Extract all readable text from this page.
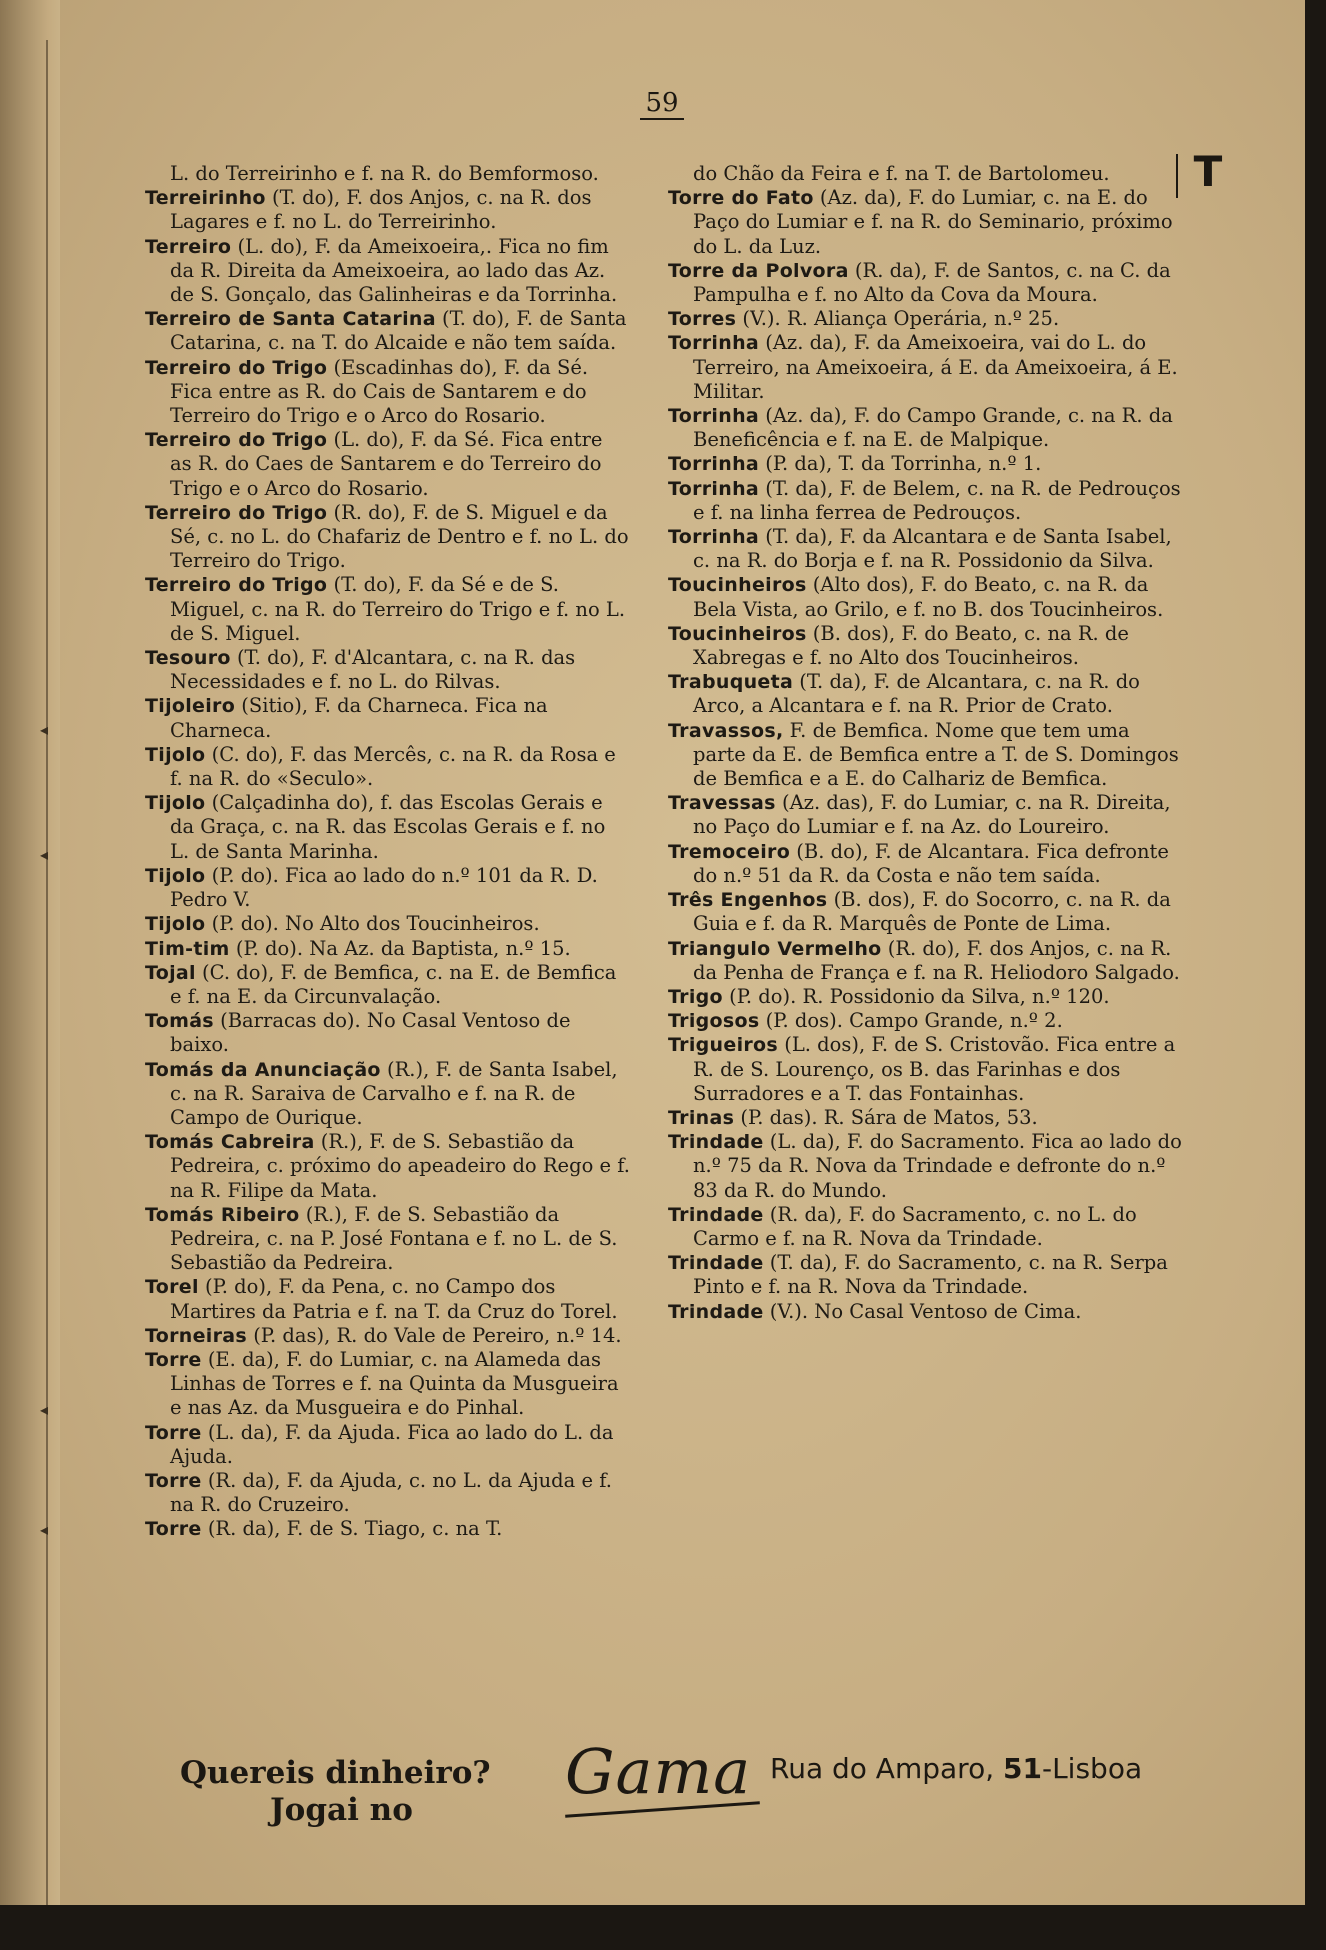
59
T
L. do Terreirinho e f. na R. do Bemformoso.
Terreirinho (T. do), F. dos Anjos, c. na R. dos Lagares e f. no L. do Terreirinho.
Terreiro (L. do), F. da Ameixoeira,. Fica no fim da R. Direita da Ameixoeira, ao lado das Az. de S. Gonçalo, das Galinheiras e da Torrinha.
Terreiro de Santa Catarina (T. do), F. de Santa Catarina, c. na T. do Alcaide e não tem saída.
Terreiro do Trigo (Escadinhas do), F. da Sé. Fica entre as R. do Cais de Santarem e do Terreiro do Trigo e o Arco do Rosario.
Terreiro do Trigo (L. do), F. da Sé. Fica entre as R. do Caes de Santarem e do Terreiro do Trigo e o Arco do Rosario.
Terreiro do Trigo (R. do), F. de S. Miguel e da Sé, c. no L. do Chafariz de Dentro e f. no L. do Terreiro do Trigo.
Terreiro do Trigo (T. do), F. da Sé e de S. Miguel, c. na R. do Terreiro do Trigo e f. no L. de S. Miguel.
Tesouro (T. do), F. d'Alcantara, c. na R. das Necessidades e f. no L. do Rilvas.
Tijoleiro (Sitio), F. da Charneca. Fica na Charneca.
Tijolo (C. do), F. das Mercês, c. na R. da Rosa e f. na R. do «Seculo».
Tijolo (Calçadinha do), f. das Escolas Gerais e da Graça, c. na R. das Escolas Gerais e f. no L. de Santa Marinha.
Tijolo (P. do). Fica ao lado do n.º 101 da R. D. Pedro V.
Tijolo (P. do). No Alto dos Toucinheiros.
Tim-tim (P. do). Na Az. da Baptista, n.º 15.
Tojal (C. do), F. de Bemfica, c. na E. de Bemfica e f. na E. da Circunvalação.
Tomás (Barracas do). No Casal Ventoso de baixo.
Tomás da Anunciação (R.), F. de Santa Isabel, c. na R. Saraiva de Carvalho e f. na R. de Campo de Ourique.
Tomás Cabreira (R.), F. de S. Sebastião da Pedreira, c. próximo do apeadeiro do Rego e f. na R. Filipe da Mata.
Tomás Ribeiro (R.), F. de S. Sebastião da Pedreira, c. na P. José Fontana e f. no L. de S. Sebastião da Pedreira.
Torel (P. do), F. da Pena, c. no Campo dos Martires da Patria e f. na T. da Cruz do Torel.
Torneiras (P. das), R. do Vale de Pereiro, n.º 14.
Torre (E. da), F. do Lumiar, c. na Alameda das Linhas de Torres e f. na Quinta da Musgueira e nas Az. da Musgueira e do Pinhal.
Torre (L. da), F. da Ajuda. Fica ao lado do L. da Ajuda.
Torre (R. da), F. da Ajuda, c. no L. da Ajuda e f. na R. do Cruzeiro.
Torre (R. da), F. de S. Tiago, c. na T.
do Chão da Feira e f. na T. de Bartolomeu.
Torre do Fato (Az. da), F. do Lumiar, c. na E. do Paço do Lumiar e f. na R. do Seminario, próximo do L. da Luz.
Torre da Polvora (R. da), F. de Santos, c. na C. da Pampulha e f. no Alto da Cova da Moura.
Torres (V.). R. Aliança Operária, n.º 25.
Torrinha (Az. da), F. da Ameixoeira, vai do L. do Terreiro, na Ameixoeira, á E. da Ameixoeira, á E. Militar.
Torrinha (Az. da), F. do Campo Grande, c. na R. da Beneficência e f. na E. de Malpique.
Torrinha (P. da), T. da Torrinha, n.º 1.
Torrinha (T. da), F. de Belem, c. na R. de Pedrouços e f. na linha ferrea de Pedrouços.
Torrinha (T. da), F. da Alcantara e de Santa Isabel, c. na R. do Borja e f. na R. Possidonio da Silva.
Toucinheiros (Alto dos), F. do Beato, c. na R. da Bela Vista, ao Grilo, e f. no B. dos Toucinheiros.
Toucinheiros (B. dos), F. do Beato, c. na R. de Xabregas e f. no Alto dos Toucinheiros.
Trabuqueta (T. da), F. de Alcantara, c. na R. do Arco, a Alcantara e f. na R. Prior de Crato.
Travassos, F. de Bemfica. Nome que tem uma parte da E. de Bemfica entre a T. de S. Domingos de Bemfica e a E. do Calhariz de Bemfica.
Travessas (Az. das), F. do Lumiar, c. na R. Direita, no Paço do Lumiar e f. na Az. do Loureiro.
Tremoceiro (B. do), F. de Alcantara. Fica defronte do n.º 51 da R. da Costa e não tem saída.
Três Engenhos (B. dos), F. do Socorro, c. na R. da Guia e f. da R. Marquês de Ponte de Lima.
Triangulo Vermelho (R. do), F. dos Anjos, c. na R. da Penha de França e f. na R. Heliodoro Salgado.
Trigo (P. do). R. Possidonio da Silva, n.º 120.
Trigosos (P. dos). Campo Grande, n.º 2.
Trigueiros (L. dos), F. de S. Cristovão. Fica entre a R. de S. Lourenço, os B. das Farinhas e dos Surradores e a T. das Fontainhas.
Trinas (P. das). R. Sára de Matos, 53.
Trindade (L. da), F. do Sacramento. Fica ao lado do n.º 75 da R. Nova da Trindade e defronte do n.º 83 da R. do Mundo.
Trindade (R. da), F. do Sacramento, c. no L. do Carmo e f. na R. Nova da Trindade.
Trindade (T. da), F. do Sacramento, c. na R. Serpa Pinto e f. na R. Nova da Trindade.
Trindade (V.). No Casal Ventoso de Cima.
◂
◂
◂
◂
Quereis dinheiro?
Jogai no
Gama Rua do Amparo, 51-Lisboa
